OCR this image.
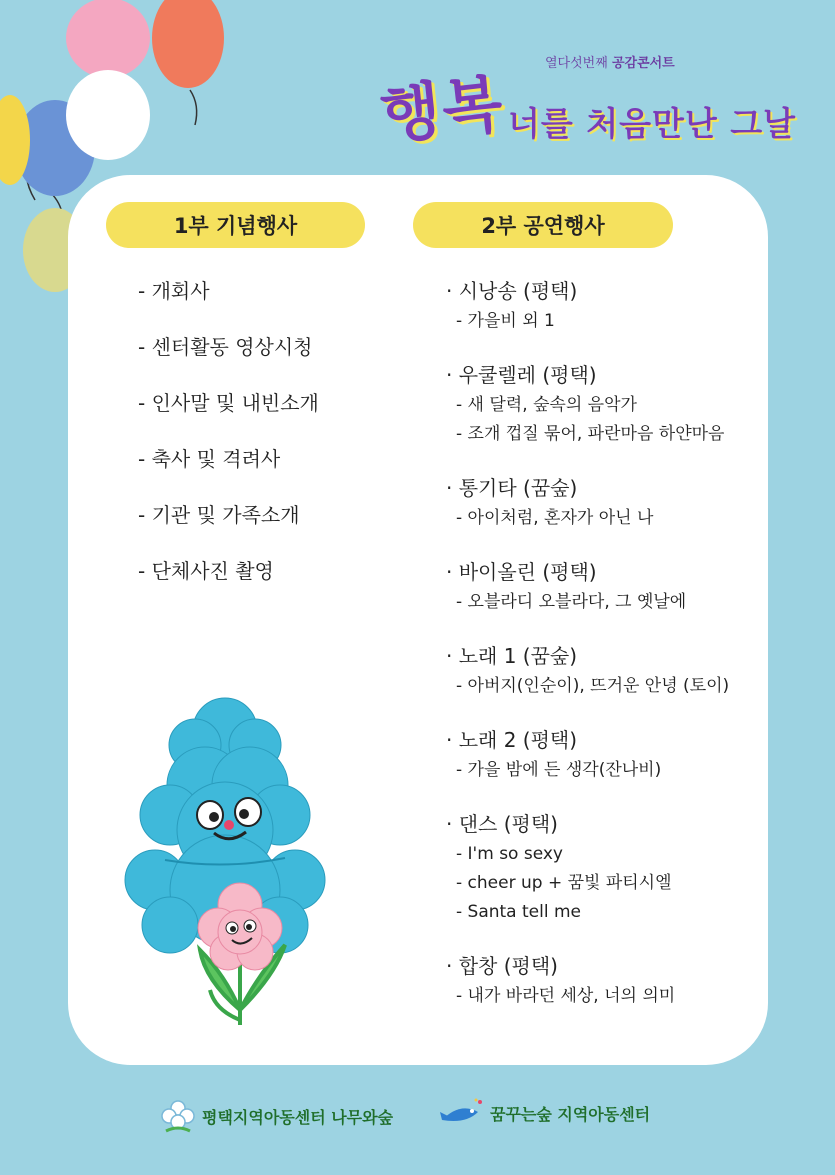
열다섯번째 공감콘서트
행복 너를 처음만난 그날
1부 기념행사	2부 공연행사
- 개회사
- 센터활동 영상시청
- 인사말 및 내빈소개
- 축사 및 격려사
- 기관 및 가족소개
- 단체사진 촬영
· 시낭송 (평택)
- 가을비 외 1
· 우쿨렐레 (평택)
- 새 달력, 숲속의 음악가
- 조개 껍질 묶어, 파란마음 하얀마음
· 통기타 (꿈숲)
- 아이처럼, 혼자가 아닌 나
· 바이올린 (평택)
- 오블라디 오블라다, 그 옛날에
· 노래 1 (꿈숲)
- 아버지(인순이), 뜨거운 안녕 (토이)
· 노래 2 (평택)
- 가을 밤에 든 생각(잔나비)
· 댄스 (평택)
- I'm so sexy
- cheer up + 꿈빛 파티시엘
- Santa tell me
· 합창 (평택)
- 내가 바라던 세상, 너의 의미
평택지역아동센터 나무와숲	꿈꾸는숲 지역아동센터
